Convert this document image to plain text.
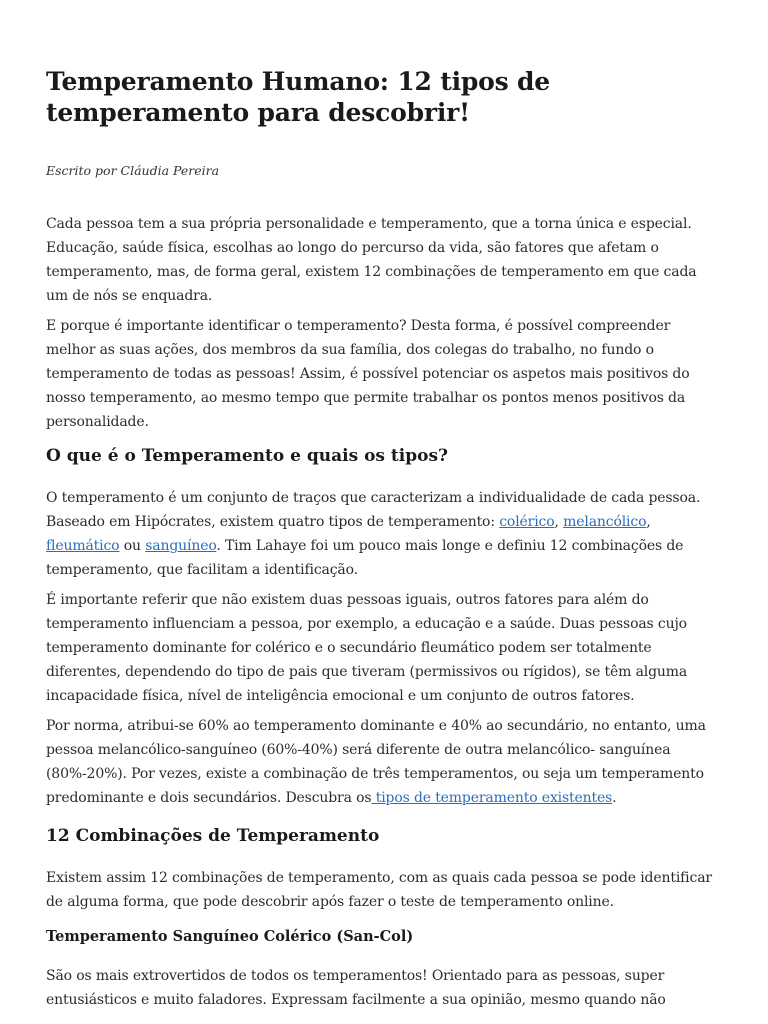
Temperamento Humano: 12 tipos de temperamento para descobrir!
Escrito por Cláudia Pereira

Cada pessoa tem a sua própria personalidade e temperamento, que a torna única e especial. Educação, saúde física, escolhas ao longo do percurso da vida, são fatores que afetam o temperamento, mas, de forma geral, existem 12 combinações de temperamento em que cada um de nós se enquadra.

E porque é importante identificar o temperamento? Desta forma, é possível compreender melhor as suas ações, dos membros da sua família, dos colegas do trabalho, no fundo o temperamento de todas as pessoas! Assim, é possível potenciar os aspetos mais positivos do nosso temperamento, ao mesmo tempo que permite trabalhar os pontos menos positivos da personalidade.

O que é o Temperamento e quais os tipos?

O temperamento é um conjunto de traços que caracterizam a individualidade de cada pessoa. Baseado em Hipócrates, existem quatro tipos de temperamento: colérico, melancólico, fleumático ou sanguíneo. Tim Lahaye foi um pouco mais longe e definiu 12 combinações de temperamento, que facilitam a identificação.

É importante referir que não existem duas pessoas iguais, outros fatores para além do temperamento influenciam a pessoa, por exemplo, a educação e a saúde. Duas pessoas cujo temperamento dominante for colérico e o secundário fleumático podem ser totalmente diferentes, dependendo do tipo de pais que tiveram (permissivos ou rígidos), se têm alguma incapacidade física, nível de inteligência emocional e um conjunto de outros fatores.

Por norma, atribui-se 60% ao temperamento dominante e 40% ao secundário, no entanto, uma pessoa melancólico-sanguíneo (60%-40%) será diferente de outra melancólico- sanguínea (80%-20%). Por vezes, existe a combinação de três temperamentos, ou seja um temperamento predominante e dois secundários. Descubra os tipos de temperamento existentes.

12 Combinações de Temperamento

Existem assim 12 combinações de temperamento, com as quais cada pessoa se pode identificar de alguma forma, que pode descobrir após fazer o teste de temperamento online.

Temperamento Sanguíneo Colérico (San-Col)

São os mais extrovertidos de todos os temperamentos! Orientado para as pessoas, super entusiásticos e muito faladores. Expressam facilmente a sua opinião, mesmo quando não
